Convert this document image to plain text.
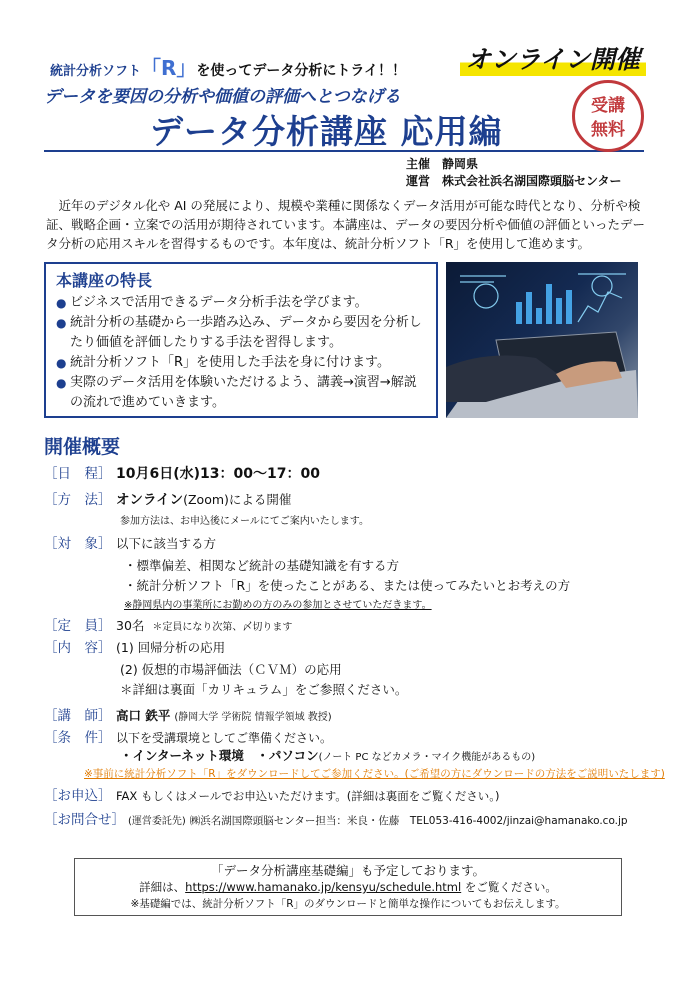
統計分析ソフト「R」を使ってデータ分析にトライ！！ オンライン開催
データを要因の分析や価値の評価へとつなげる
データ分析講座 応用編
受講
無料
主催 静岡県
運営 株式会社浜名湖国際頭脳センター
近年のデジタル化や AI の発展により、規模や業種に関係なくデータ活用が可能な時代となり、分析や検証、戦略企画・立案での活用が期待されています。本講座は、データの要因分析や価値の評価といったデータ分析の応用スキルを習得するものです。本年度は、統計分析ソフト「R」を使用して進めます。
本講座の特長
● ビジネスで活用できるデータ分析手法を学びます。
● 統計分析の基礎から一歩踏み込み、データから要因を分析したり価値を評価したりする手法を習得します。
● 統計分析ソフト「R」を使用した手法を身に付けます。
● 実際のデータ活用を体験いただけるよう、講義→演習→解説の流れで進めていきます。
開催概要
［日　程］ 10月6日(水)13：00～17：00
［方　法］ オンライン(Zoom)による開催
参加方法は、お申込後にメールにてご案内いたします。
［対　象］ 以下に該当する方
・標準偏差、相関など統計の基礎知識を有する方
・統計分析ソフト「R」を使ったことがある、または使ってみたいとお考えの方
※静岡県内の事業所にお勤めの方のみの参加とさせていただきます。
［定　員］ 30名 ＊定員になり次第、〆切ります
［内　容］ (1) 回帰分析の応用
(2) 仮想的市場評価法（ＣＶＭ）の応用
＊詳細は裏面「カリキュラム」をご参照ください。
［講　師］ 高口 鉄平 (静岡大学 学術院 情報学領域 教授)
［条　件］ 以下を受講環境としてご準備ください。
・インターネット環境　・パソコン(ノート PC などカメラ・マイク機能があるもの)
※事前に統計分析ソフト「R」をダウンロードしてご参加ください。(ご希望の方にダウンロードの方法をご説明いたします)
［お申込］ FAX もしくはメールでお申込いただけます。(詳細は裏面をご覧ください。)
［お問合せ］ (運営委託先) ㈱浜名湖国際頭脳センター担当：米良・佐藤　TEL053-416-4002/jinzai@hamanako.co.jp
「データ分析講座基礎編」も予定しております。
詳細は、https://www.hamanako.jp/kensyu/schedule.html をご覧ください。
※基礎編では、統計分析ソフト「R」のダウンロードと簡単な操作についてもお伝えします。
